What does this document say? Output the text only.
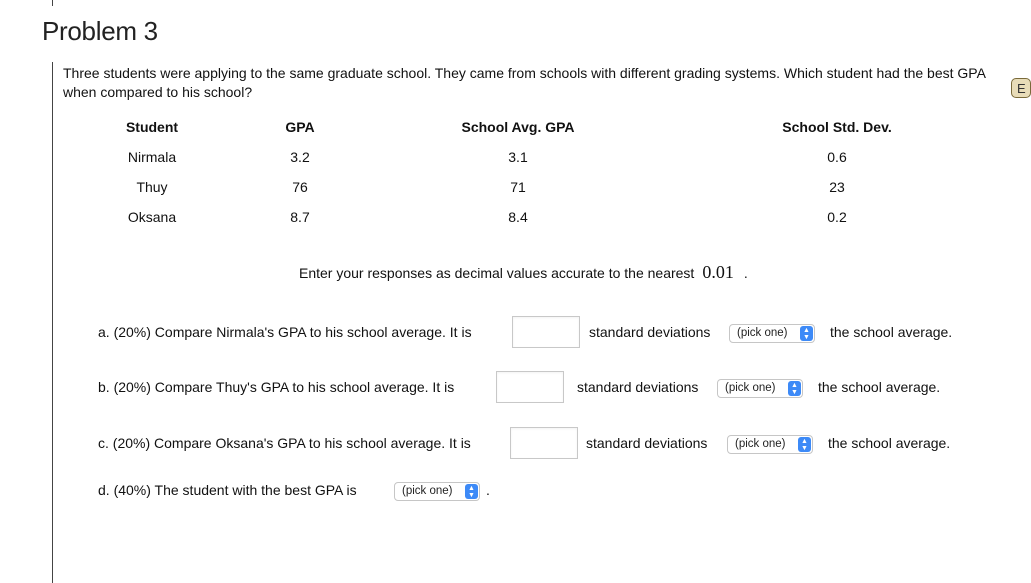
Problem 3
E
Three students were applying to the same graduate school. They came from schools with different grading systems. Which student had the best GPA when compared to his school?
Student	GPA	School Avg. GPA	School Std. Dev.
Nirmala	3.2	3.1	0.6
Thuy	76	71	23
Oksana	8.7	8.4	0.2
Enter your responses as decimal values accurate to the nearest 0.01 .
a. (20%) Compare Nirmala's GPA to his school average. It is	standard deviations	(pick one)	▲
▼ the school average.
b. (20%) Compare Thuy's GPA to his school average. It is	standard deviations	(pick one)	▲
▼ the school average.
c. (20%) Compare Oksana's GPA to his school average. It is	standard deviations	(pick one)	▲
▼ the school average.
d. (40%) The student with the best GPA is	(pick one)	▲
▼ .
